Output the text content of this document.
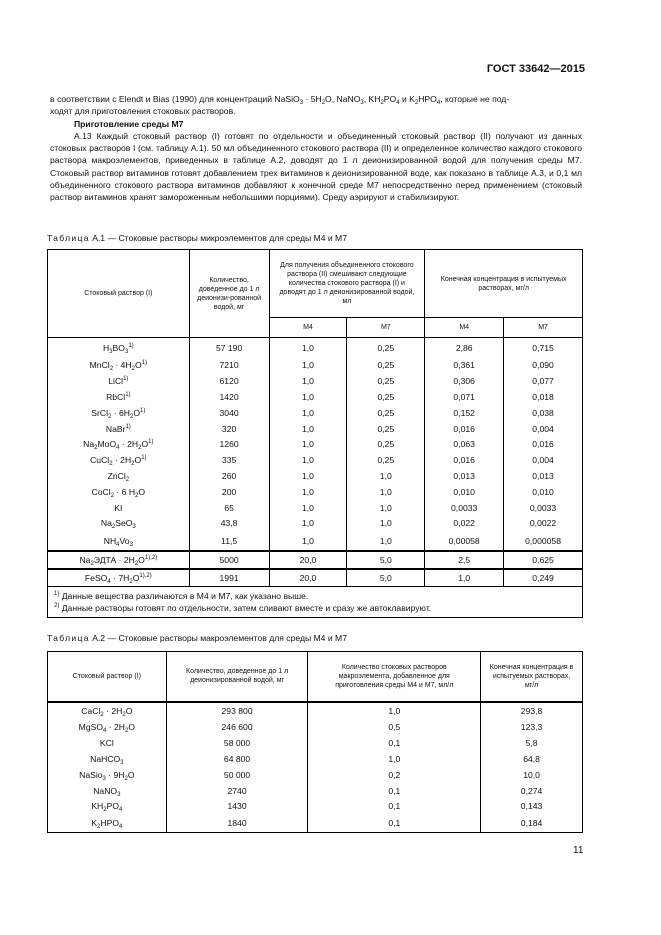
ГОСТ 33642—2015
в соответствии с Elendt и Bias (1990) для концентраций NaSiO$_3$ · $5H_2O$, NaNO$_3$, $KH_2PO_4$ и $K_2HPO_4$, которые не под-
ходят для приготовления стоковых растворов.
Приготовление среды M7
А.13 Каждый стоковый раствор (I) готовят по отдельности и объединенный стоковый раствор (II) получают из данных стоковых растворов I (см. таблицу А.1). 50 мл объединенного стокового раствора (II) и определенное количество каждого стокового раствора макроэлементов, приведенных в таблице А.2, доводят до 1 л деионизированной водой для получения среды M7. Стоковый раствор витаминов готовят добавлением трех витаминов к деионизированной воде, как показано в таблице А.3, и 0,1 мл объединенного стокового раствора витаминов добавляют к конечной среде M7 непосредственно перед применением (стоковый раствор витаминов хранят замороженным небольшими порциями). Среду аэрируют и стабилизируют.
Таблица А.1 — Стоковые растворы микроэлементов для среды M4 и M7
Стоковый раствор (I)	Количество, доведенное до 1 л деионизи-рованной водой, мг	Для получения объединенного стокового раствора (II) смешивают следующие количества стокового раствора (I) и доводят до 1 л деионизированной водой, мл		Конечная концентрация в испытуемых растворах, мг/л	
		M4	M7	M4	M7
$H_3BO_3^{1)}$	57 190	1,0	0,25	2,86	0,715
MnCl$_2$ · $4H_2O^{1)}$	7210	1,0	0,25	0,361	0,090
LiCl$^{1)}$	6120	1,0	0,25	0,306	0,077
RbCl$^{1)}$	1420	1,0	0,25	0,071	0,018
SrCl$_2$ · $6H_2O^{1)}$	3040	1,0	0,25	0,152	0,038
NaBr$^{1)}$	320	1,0	0,25	0,016	0,004
$Na_2MoO_4 \cdot 2H_2O^{1)}$	1260	1,0	0,25	0,063	0,016
CuCl$_2$ · $2H_2O^{1)}$	335	1,0	0,25	0,016	0,004
ZnCl$_2$	260	1,0	1,0	0,013	0,013
CoCl$_2$ · 6 $H_2O$	200	1,0	1,0	0,010	0,010
KI	65	1,0	1,0	0,0033	0,0033
$Na_2SeO_3$	43,8	1,0	1,0	0,022	0,0022
$NH_4Vo_3$	11,5	1,0	1,0	0,00058	0,000058
$Na_2ЭДТА \cdot 2H_2O^{1),2)}$	5000	20,0	5,0	2,5	0,625
FeSO$_4$ · $7H_2O^{1),2)}$	1991	20,0	5,0	1,0	0,249

$^{1)}$ Данные вещества различаются в M4 и M7, как указано выше.
$^{2)}$ Данные растворы готовят по отдельности, затем сливают вместе и сразу же автоклавируют.					
Таблица А.2 — Стоковые растворы макроэлементов для среды M4 и M7
Стоковый раствор (I)	Количество, доведенное до 1 л деионизированной водой, мг	Количество стоковых растворов макроэлемента, добавленное для приготовления среды M4 и M7, мл/л	Конечная концентрация в испытуемых растворах, мг/л
CaCl$_2$ · $2H_2O$	293 800	1,0	293,8
MgSO$_4$ · $2H_2O$	246 600	0,5	123,3
KCl	58 000	0,1	5,8
NaHCO$_3$	64 800	1,0	64,8
NaSio$_3$ · $9H_2O$	50 000	0,2	10,0
NaNO$_3$	2740	0,1	0,274
$KH_2PO_4$	1430	0,1	0,143
$K_2HPO_4$	1840	0,1	0,184
11
